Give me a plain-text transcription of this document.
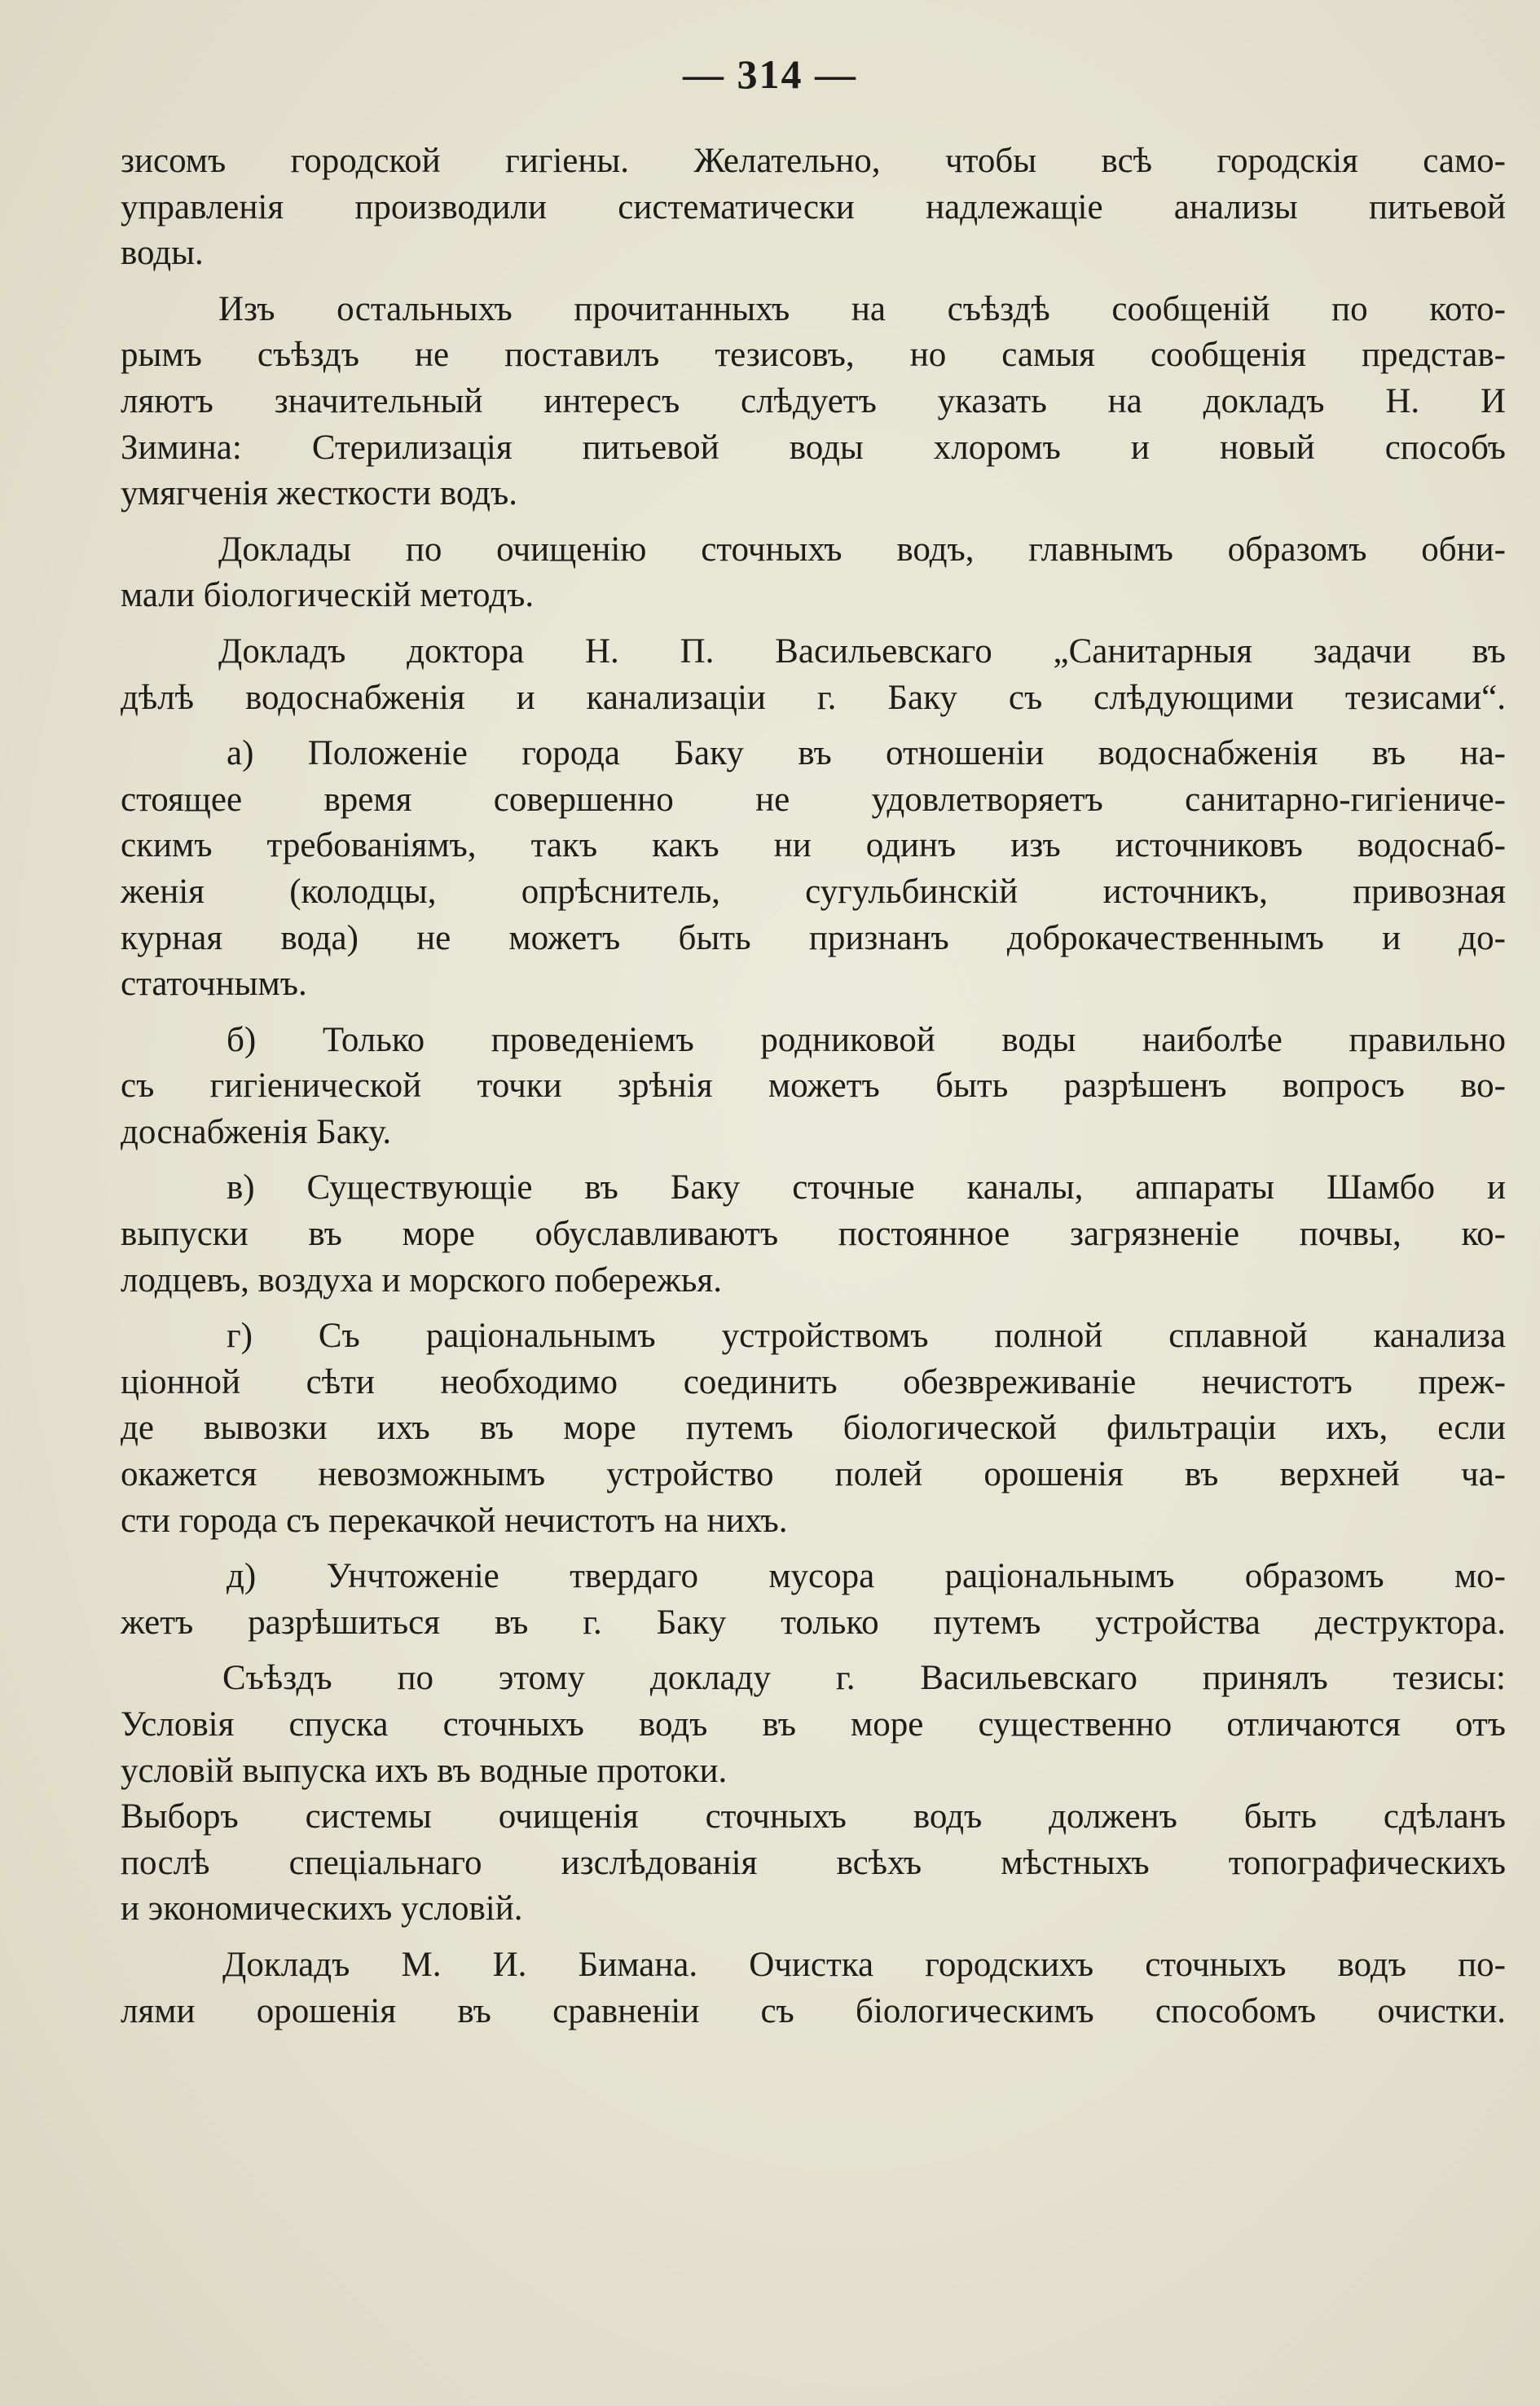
— 314 —
зисомъ городской гигiены. Желательно, чтобы всѣ городскiя само-
управленiя производили систематически надлежащiе анализы питьевой
воды.
Изъ остальныхъ прочитанныхъ на съѣздѣ сообщенiй по кото-
рымъ съѣздъ не поставилъ тезисовъ, но самыя сообщенiя представ-
ляютъ значительный интересъ слѣдуетъ указать на докладъ Н. И
Зимина: Стерилизацiя питьевой воды хлоромъ и новый способъ
умягченiя жесткости водъ.
Доклады по очищенiю сточныхъ водъ, главнымъ образомъ обни-
мали бiологическiй методъ.
Докладъ доктора Н. П. Васильевскаго „Санитарныя задачи въ
дѣлѣ водоснабженiя и канализацiи г. Баку съ слѣдующими тезисами“.
а) Положенiе города Баку въ отношенiи водоснабженiя въ на-
стоящее время совершенно не удовлетворяетъ санитарно-гигiениче-
скимъ требованiямъ, такъ какъ ни одинъ изъ источниковъ водоснаб-
женiя (колодцы, опрѣснитель, сугульбинскiй источникъ, привозная
курная вода) не можетъ быть признанъ доброкачественнымъ и до-
статочнымъ.
б) Только проведенiемъ родниковой воды наиболѣе правильно
съ гигiенической точки зрѣнiя можетъ быть разрѣшенъ вопросъ во-
доснабженiя Баку.
в) Существующiе въ Баку сточные каналы, аппараты Шамбо и
выпуски въ море обуславливаютъ постоянное загрязненiе почвы, ко-
лодцевъ, воздуха и морского побережья.
г) Съ рацiональнымъ устройствомъ полной сплавной канализа
цiонной сѣти необходимо соединить обезвреживанiе нечистотъ преж-
де вывозки ихъ въ море путемъ бiологической фильтрацiи ихъ, если
окажется невозможнымъ устройство полей орошенiя въ верхней ча-
сти города съ перекачкой нечистотъ на нихъ.
д) Унчтоженiе твердаго мусора рацiональнымъ образомъ мо-
жетъ разрѣшиться въ г. Баку только путемъ устройства деструктора.
Съѣздъ по этому докладу г. Васильевскаго принялъ тезисы:
Условiя спуска сточныхъ водъ въ море существенно отличаются отъ
условiй выпуска ихъ въ водные протоки.
Выборъ системы очищенiя сточныхъ водъ долженъ быть сдѣланъ
послѣ спецiальнаго изслѣдованiя всѣхъ мѣстныхъ топографическихъ
и экономическихъ условiй.
Докладъ М. И. Бимана. Очистка городскихъ сточныхъ водъ по-
лями орошенiя въ сравненiи съ бiологическимъ способомъ очистки.
